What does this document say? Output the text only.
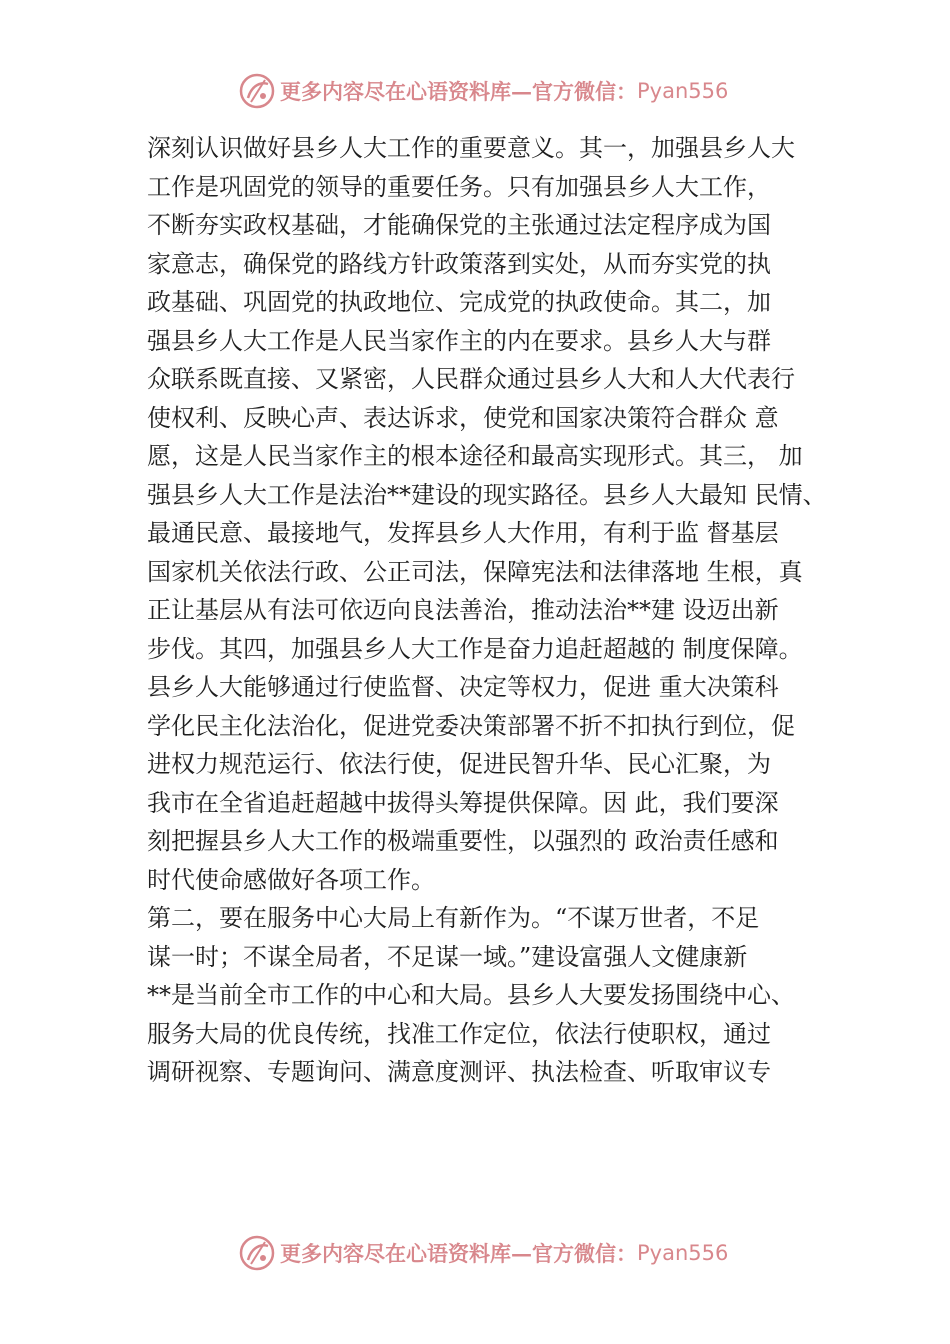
更多内容尽在心语资料库—官方微信： Pyan556
深刻认识做好县乡人大工作的重要意义。其一，加强县乡人大
工作是巩固党的领导的重要任务。只有加强县乡人大工作，
不断夯实政权基础，才能确保党的主张通过法定程序成为国
家意志，确保党的路线方针政策落到实处，从而夯实党的执
政基础、巩固党的执政地位、完成党的执政使命。其二，加
强县乡人大工作是人民当家作主的内在要求。县乡人大与群
众联系既直接、又紧密，人民群众通过县乡人大和人大代表行
使权利、反映心声、表达诉求，使党和国家决策符合群众 意
愿，这是人民当家作主的根本途径和最高实现形式。其三， 加
强县乡人大工作是法治**建设的现实路径。县乡人大最知 民情、
最通民意、最接地气，发挥县乡人大作用，有利于监 督基层
国家机关依法行政、公正司法，保障宪法和法律落地 生根，真
正让基层从有法可依迈向良法善治，推动法治**建 设迈出新
步伐。其四，加强县乡人大工作是奋力追赶超越的 制度保障。
县乡人大能够通过行使监督、决定等权力，促进 重大决策科
学化民主化法治化，促进党委决策部署不折不扣执行到位，促
进权力规范运行、依法行使，促进民智升华、民心汇聚，为
我市在全省追赶超越中拔得头筹提供保障。因 此，我们要深
刻把握县乡人大工作的极端重要性，以强烈的 政治责任感和
时代使命感做好各项工作。
第二，要在服务中心大局上有新作为。“不谋万世者，不足
谋一时；不谋全局者，不足谋一域。”建设富强人文健康新
**是当前全市工作的中心和大局。县乡人大要发扬围绕中心、
服务大局的优良传统，找准工作定位，依法行使职权，通过
调研视察、专题询问、满意度测评、执法检查、听取审议专
更多内容尽在心语资料库—官方微信： Pyan556
